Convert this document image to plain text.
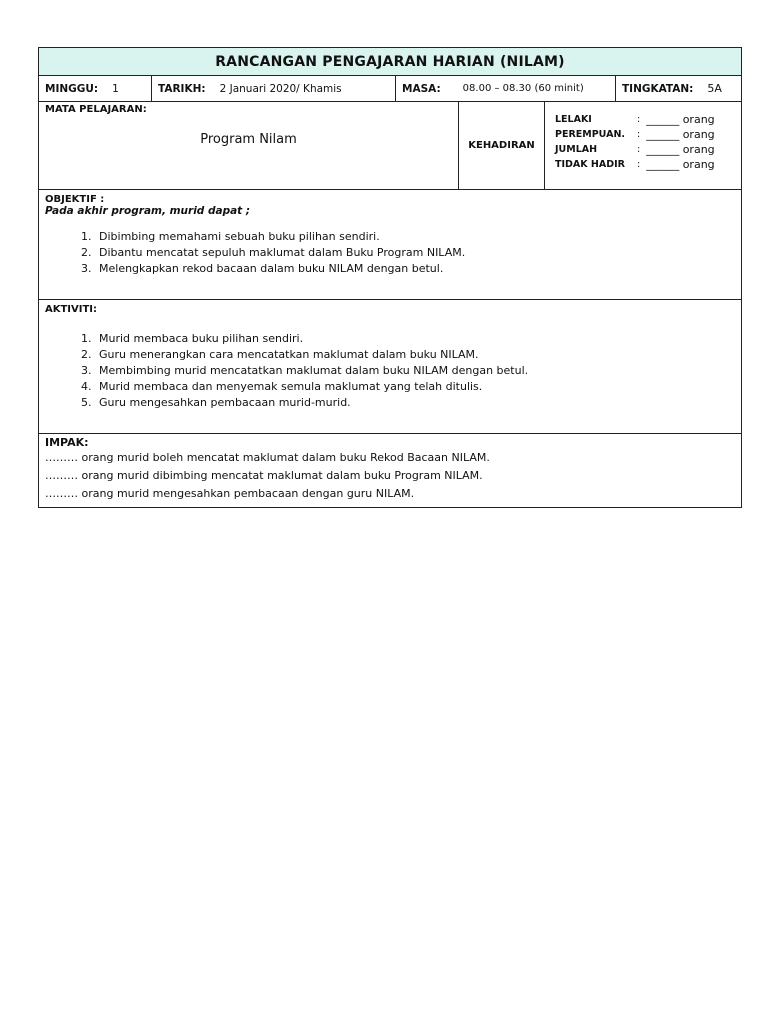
RANCANGAN PENGAJARAN HARIAN (NILAM)
MINGGU: 1	TARIKH: 2 Januari 2020/ Khamis	MASA: 08.00 – 08.30 (60 minit)	TINGKATAN: 5A
MATA PELAJARAN:
Program Nilam	KEHADIRAN
LELAKI	: ______ orang
PEREMPUAN.	: ______ orang
JUMLAH	: ______ orang
TIDAK HADIR	: ______ orang
OBJEKTIF :
Pada akhir program, murid dapat ;
1. Dibimbing memahami sebuah buku pilihan sendiri.
2. Dibantu mencatat sepuluh maklumat dalam Buku Program NILAM.
3. Melengkapkan rekod bacaan dalam buku NILAM dengan betul.
AKTIVITI:
1. Murid membaca buku pilihan sendiri.
2. Guru menerangkan cara mencatatkan maklumat dalam buku NILAM.
3. Membimbing murid mencatatkan maklumat dalam buku NILAM dengan betul.
4. Murid membaca dan menyemak semula maklumat yang telah ditulis.
5. Guru mengesahkan pembacaan murid-murid.
IMPAK:
……… orang murid boleh mencatat maklumat dalam buku Rekod Bacaan NILAM.
……… orang murid dibimbing mencatat maklumat dalam buku Program NILAM.
……… orang murid mengesahkan pembacaan dengan guru NILAM.
